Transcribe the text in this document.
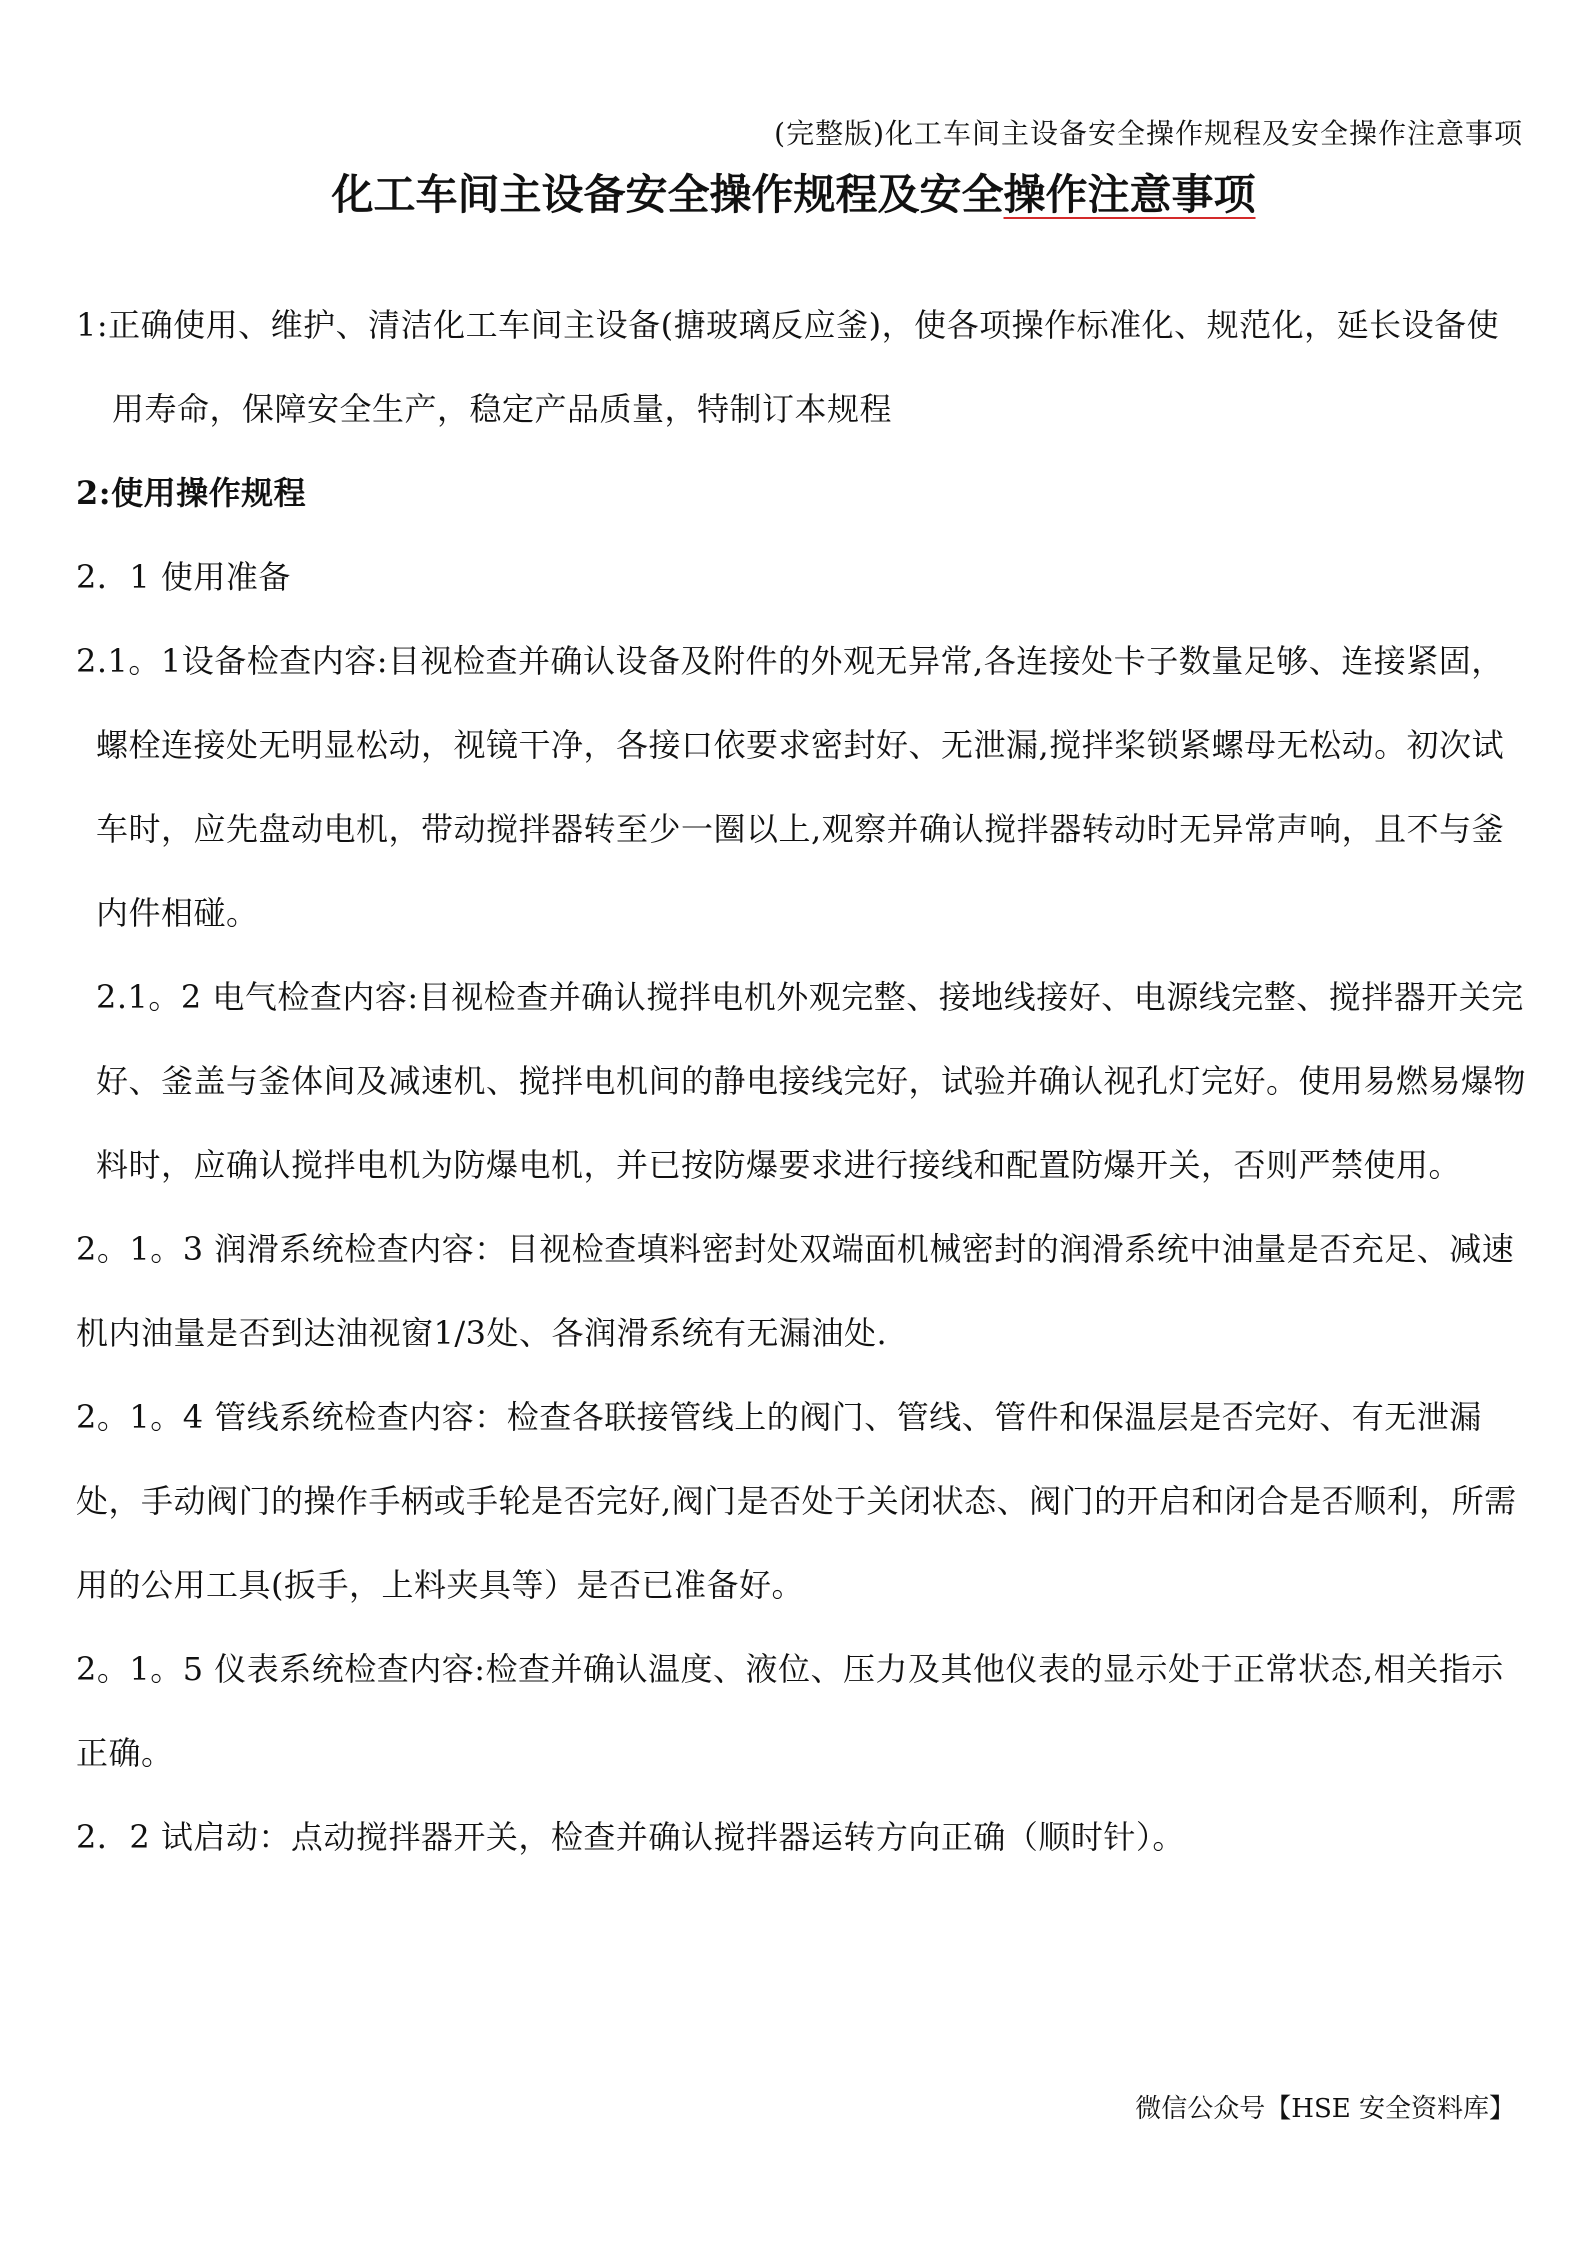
(完整版)化工车间主设备安全操作规程及安全操作注意事项
化工车间主设备安全操作规程及安全操作注意事项

1:正确使用、维护、清洁化工车间主设备(搪玻璃反应釜)，使各项操作标准化、规范化，延长设备使用寿命，保障安全生产，稳定产品质量，特制订本规程

2:使用操作规程

2．1 使用准备

2.1。1设备检查内容:目视检查并确认设备及附件的外观无异常,各连接处卡子数量足够、连接紧固，螺栓连接处无明显松动，视镜干净，各接口依要求密封好、无泄漏,搅拌桨锁紧螺母无松动。初次试车时，应先盘动电机，带动搅拌器转至少一圈以上,观察并确认搅拌器转动时无异常声响，且不与釜内件相碰。

2.1。2 电气检查内容:目视检查并确认搅拌电机外观完整、接地线接好、电源线完整、搅拌器开关完好、釜盖与釜体间及减速机、搅拌电机间的静电接线完好，试验并确认视孔灯完好。使用易燃易爆物料时，应确认搅拌电机为防爆电机，并已按防爆要求进行接线和配置防爆开关，否则严禁使用。

2。1。3 润滑系统检查内容：目视检查填料密封处双端面机械密封的润滑系统中油量是否充足、减速机内油量是否到达油视窗1/3处、各润滑系统有无漏油处.

2。1。4 管线系统检查内容：检查各联接管线上的阀门、管线、管件和保温层是否完好、有无泄漏处，手动阀门的操作手柄或手轮是否完好,阀门是否处于关闭状态、阀门的开启和闭合是否顺利，所需用的公用工具(扳手，上料夹具等）是否已准备好。

2。1。5 仪表系统检查内容:检查并确认温度、液位、压力及其他仪表的显示处于正常状态,相关指示正确。

2．2 试启动：点动搅拌器开关，检查并确认搅拌器运转方向正确（顺时针）。

微信公众号【HSE 安全资料库】
